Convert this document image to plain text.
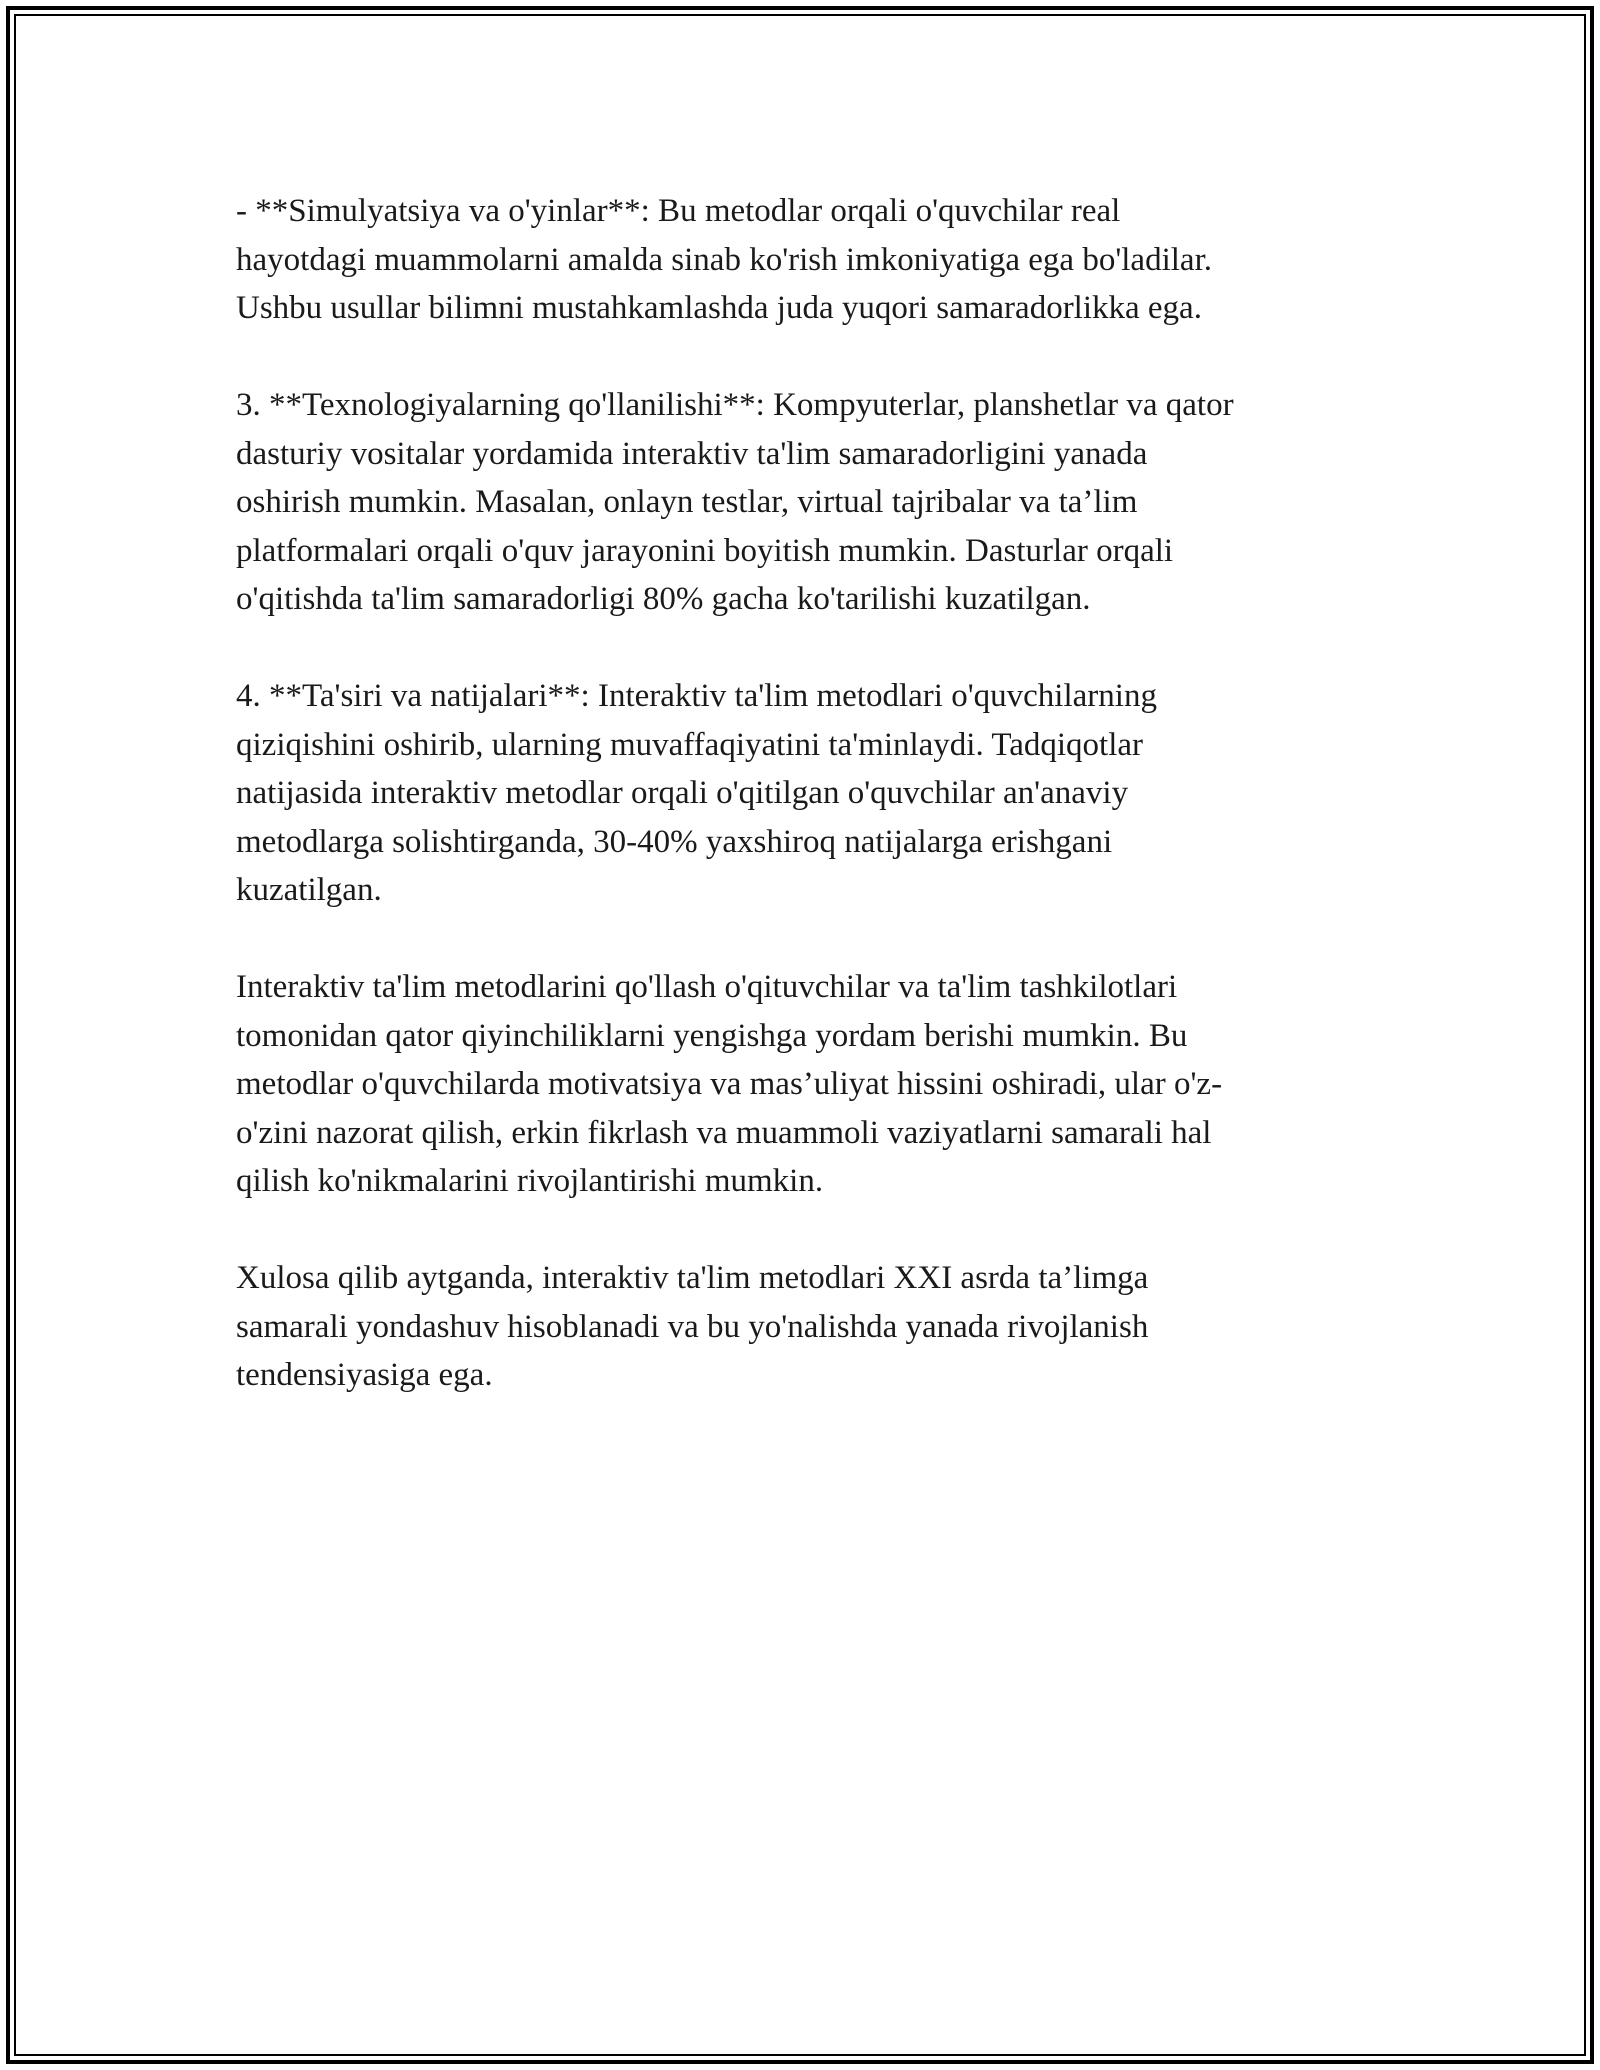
- **Simulyatsiya va o'yinlar**: Bu metodlar orqali o'quvchilar real
hayotdagi muammolarni amalda sinab ko'rish imkoniyatiga ega bo'ladilar.
Ushbu usullar bilimni mustahkamlashda juda yuqori samaradorlikka ega.

3. **Texnologiyalarning qo'llanilishi**: Kompyuterlar, planshetlar va qator
dasturiy vositalar yordamida interaktiv ta'lim samaradorligini yanada
oshirish mumkin. Masalan, onlayn testlar, virtual tajribalar va ta’lim
platformalari orqali o'quv jarayonini boyitish mumkin. Dasturlar orqali
o'qitishda ta'lim samaradorligi 80% gacha ko'tarilishi kuzatilgan.

4. **Ta'siri va natijalari**: Interaktiv ta'lim metodlari o'quvchilarning
qiziqishini oshirib, ularning muvaffaqiyatini ta'minlaydi. Tadqiqotlar
natijasida interaktiv metodlar orqali o'qitilgan o'quvchilar an'anaviy
metodlarga solishtirganda, 30-40% yaxshiroq natijalarga erishgani
kuzatilgan.

Interaktiv ta'lim metodlarini qo'llash o'qituvchilar va ta'lim tashkilotlari
tomonidan qator qiyinchiliklarni yengishga yordam berishi mumkin. Bu
metodlar o'quvchilarda motivatsiya va mas’uliyat hissini oshiradi, ular o'z-
o'zini nazorat qilish, erkin fikrlash va muammoli vaziyatlarni samarali hal
qilish ko'nikmalarini rivojlantirishi mumkin.

Xulosa qilib aytganda, interaktiv ta'lim metodlari XXI asrda ta’limga
samarali yondashuv hisoblanadi va bu yo'nalishda yanada rivojlanish
tendensiyasiga ega.
